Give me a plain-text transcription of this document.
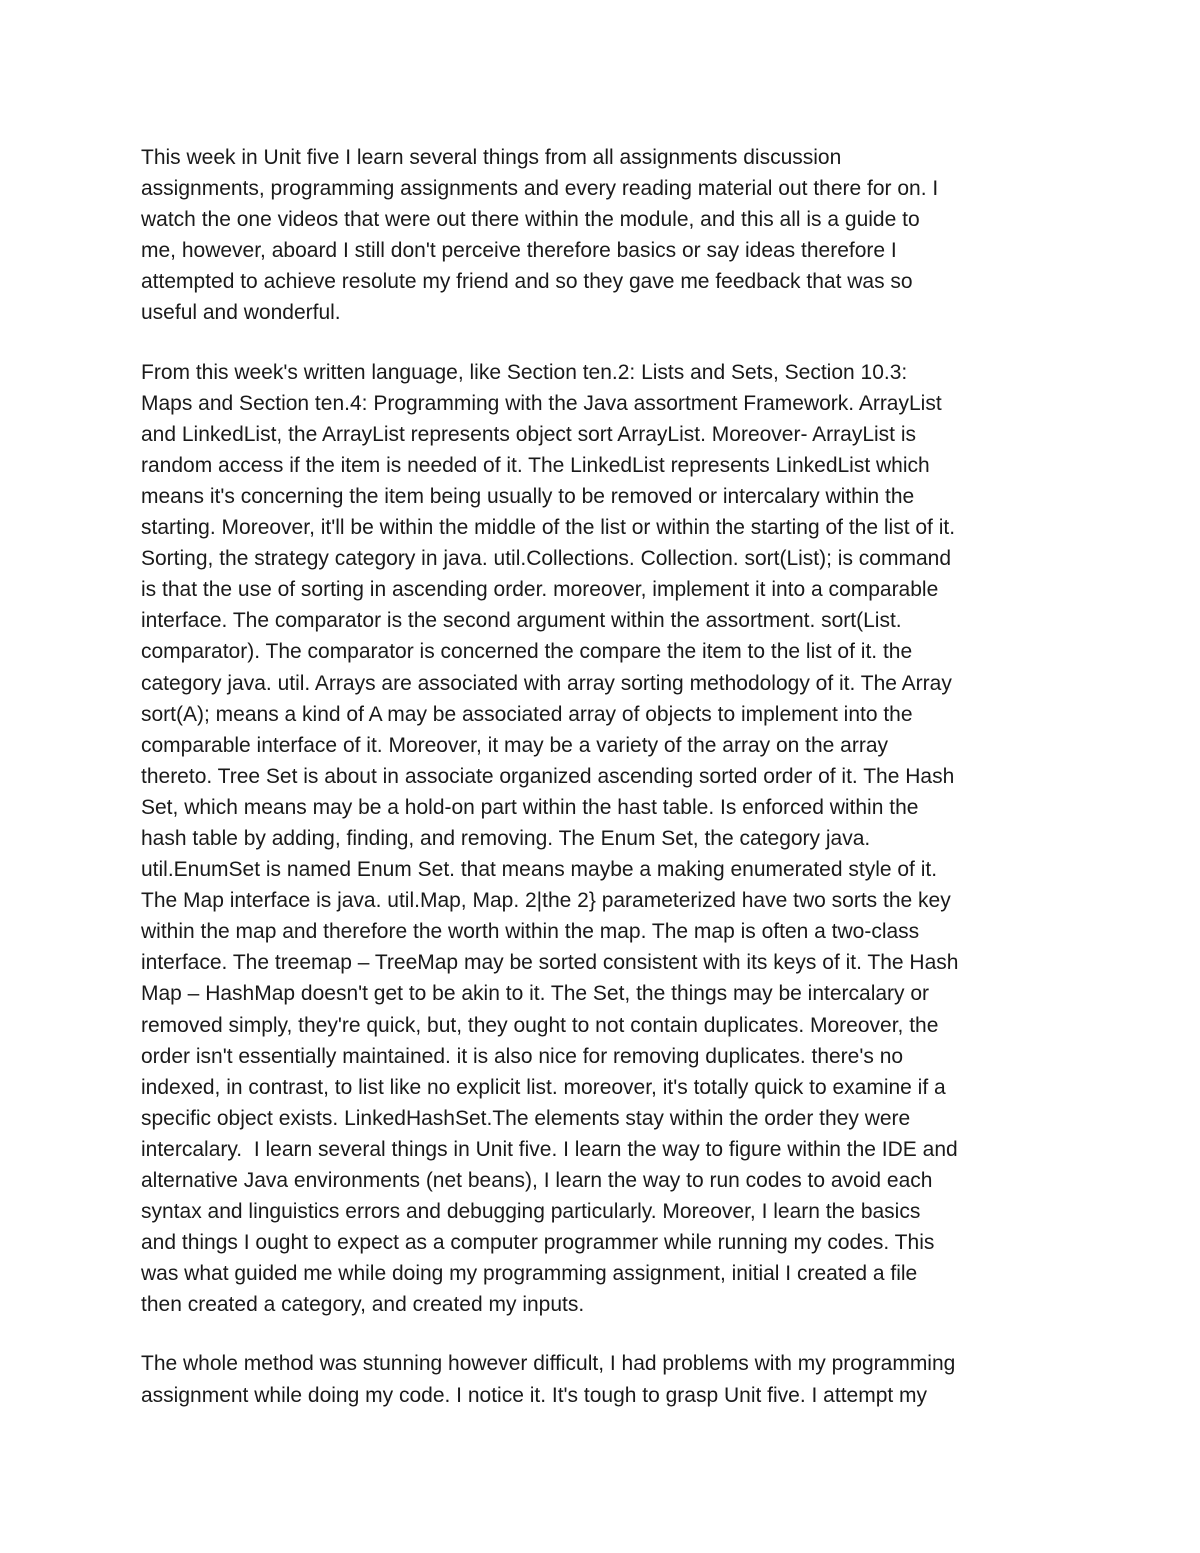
This week in Unit five I learn several things from all assignments discussion
assignments, programming assignments and every reading material out there for on. I
watch the one videos that were out there within the module, and this all is a guide to
me, however, aboard I still don't perceive therefore basics or say ideas therefore I
attempted to achieve resolute my friend and so they gave me feedback that was so
useful and wonderful.
From this week's written language, like Section ten.2: Lists and Sets, Section 10.3:
Maps and Section ten.4: Programming with the Java assortment Framework. ArrayList
and LinkedList, the ArrayList represents object sort ArrayList. Moreover- ArrayList is
random access if the item is needed of it. The LinkedList represents LinkedList which
means it's concerning the item being usually to be removed or intercalary within the
starting. Moreover, it'll be within the middle of the list or within the starting of the list of it.
Sorting, the strategy category in java. util.Collections. Collection. sort(List); is command
is that the use of sorting in ascending order. moreover, implement it into a comparable
interface. The comparator is the second argument within the assortment. sort(List.
comparator). The comparator is concerned the compare the item to the list of it. the
category java. util. Arrays are associated with array sorting methodology of it. The Array
sort(A); means a kind of A may be associated array of objects to implement into the
comparable interface of it. Moreover, it may be a variety of the array on the array
thereto. Tree Set is about in associate organized ascending sorted order of it. The Hash
Set, which means may be a hold-on part within the hast table. Is enforced within the
hash table by adding, finding, and removing. The Enum Set, the category java.
util.EnumSet is named Enum Set. that means maybe a making enumerated style of it.
The Map interface is java. util.Map, Map. 2|the 2} parameterized have two sorts the key
within the map and therefore the worth within the map. The map is often a two-class
interface. The treemap – TreeMap may be sorted consistent with its keys of it. The Hash
Map – HashMap doesn't get to be akin to it. The Set, the things may be intercalary or
removed simply, they're quick, but, they ought to not contain duplicates. Moreover, the
order isn't essentially maintained. it is also nice for removing duplicates. there's no
indexed, in contrast, to list like no explicit list. moreover, it's totally quick to examine if a
specific object exists. LinkedHashSet.The elements stay within the order they were
intercalary.  I learn several things in Unit five. I learn the way to figure within the IDE and
alternative Java environments (net beans), I learn the way to run codes to avoid each
syntax and linguistics errors and debugging particularly. Moreover, I learn the basics
and things I ought to expect as a computer programmer while running my codes. This
was what guided me while doing my programming assignment, initial I created a file
then created a category, and created my inputs.
The whole method was stunning however difficult, I had problems with my programming
assignment while doing my code. I notice it. It's tough to grasp Unit five. I attempt my
